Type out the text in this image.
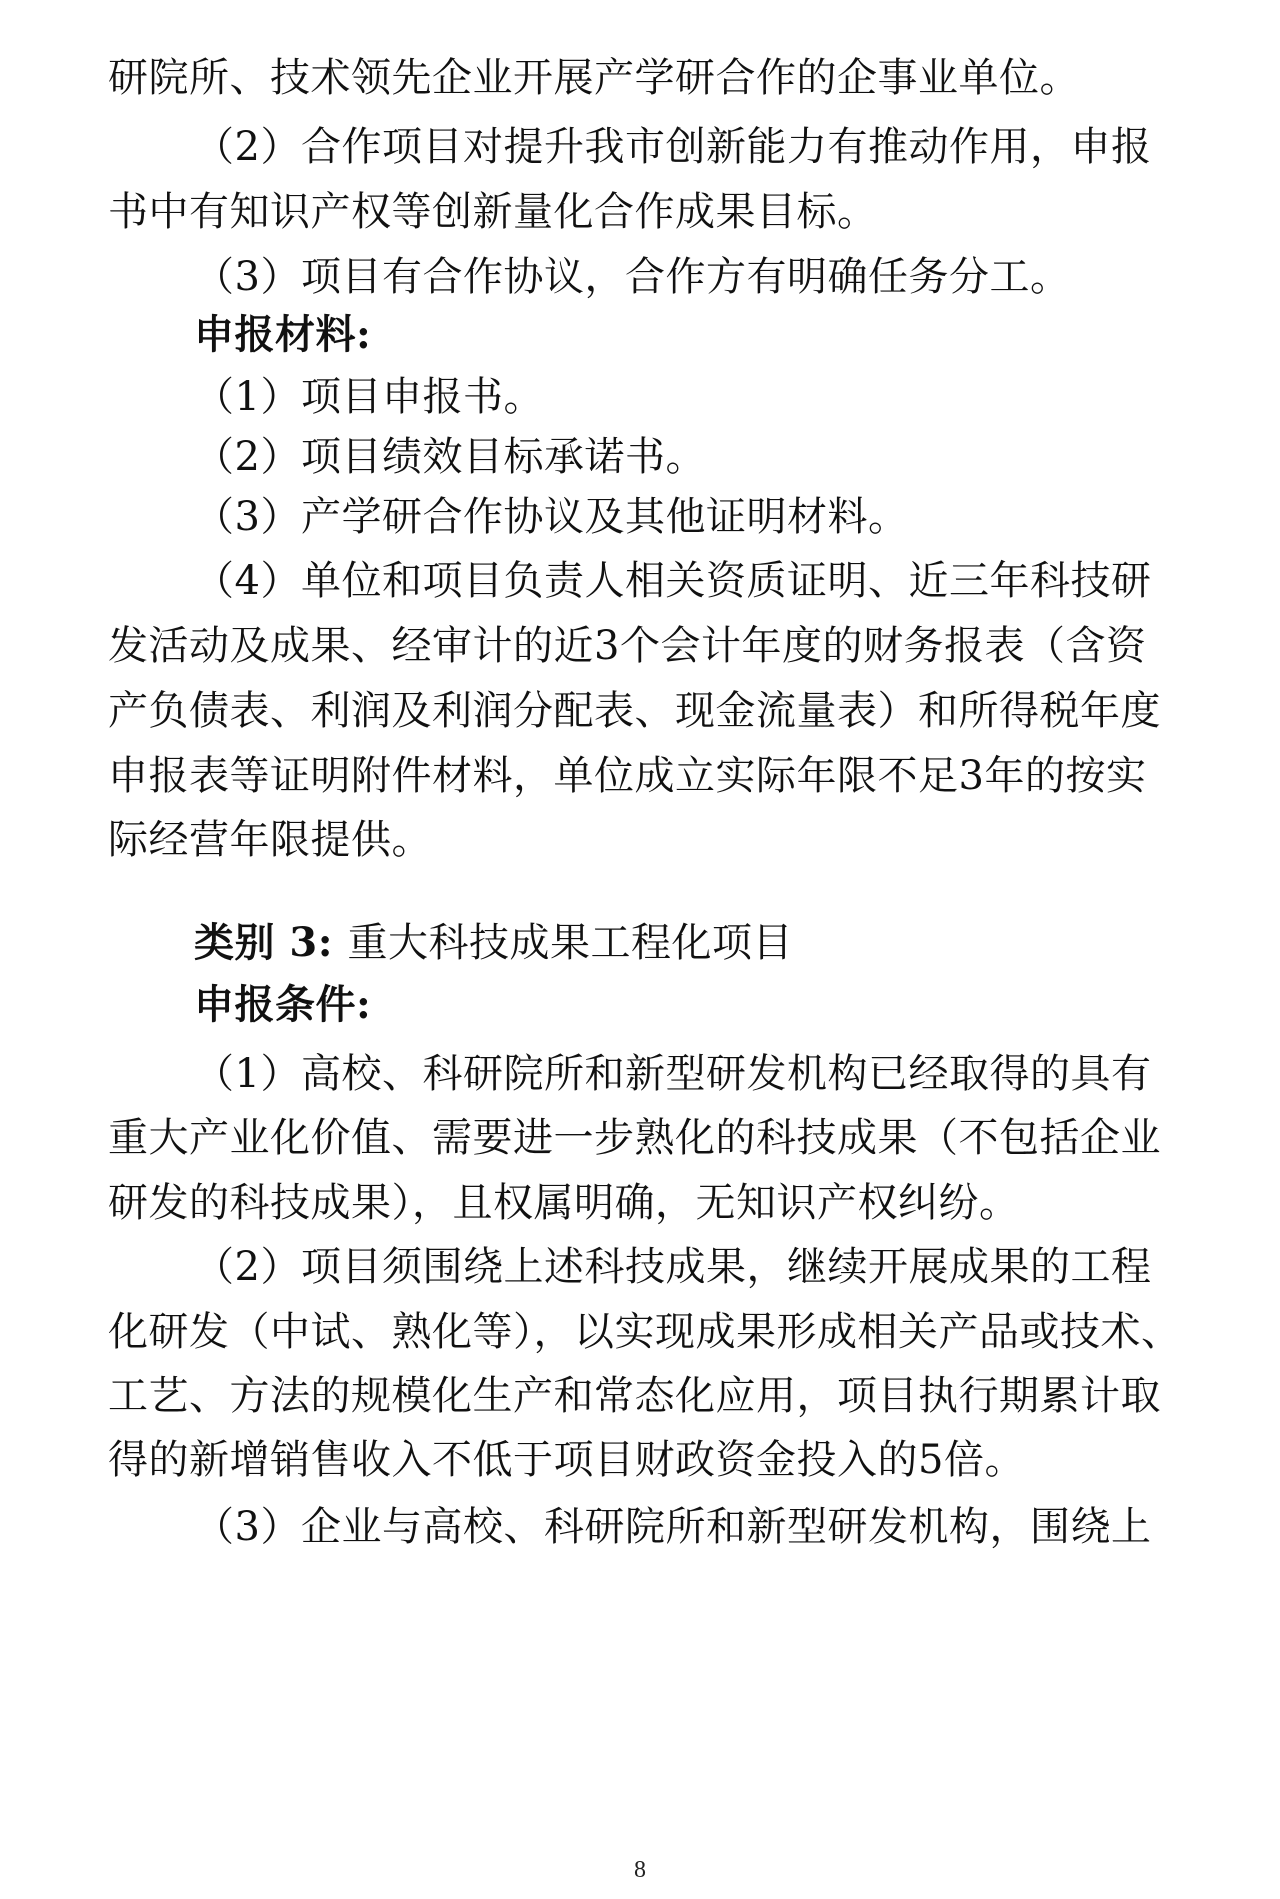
研院所、技术领先企业开展产学研合作的企事业单位。
（2）合作项目对提升我市创新能力有推动作用，申报
书中有知识产权等创新量化合作成果目标。
（3）项目有合作协议，合作方有明确任务分工。
申报材料:
（1）项目申报书。
（2）项目绩效目标承诺书。
（3）产学研合作协议及其他证明材料。
（4）单位和项目负责人相关资质证明、近三年科技研
发活动及成果、经审计的近3个会计年度的财务报表（含资
产负债表、利润及利润分配表、现金流量表）和所得税年度
申报表等证明附件材料，单位成立实际年限不足3年的按实
际经营年限提供。
类别 3: 重大科技成果工程化项目
申报条件:
（1）高校、科研院所和新型研发机构已经取得的具有
重大产业化价值、需要进一步熟化的科技成果（不包括企业
研发的科技成果），且权属明确，无知识产权纠纷。
（2）项目须围绕上述科技成果，继续开展成果的工程
化研发（中试、熟化等），以实现成果形成相关产品或技术、
工艺、方法的规模化生产和常态化应用，项目执行期累计取
得的新增销售收入不低于项目财政资金投入的5倍。
（3）企业与高校、科研院所和新型研发机构，围绕上
8
